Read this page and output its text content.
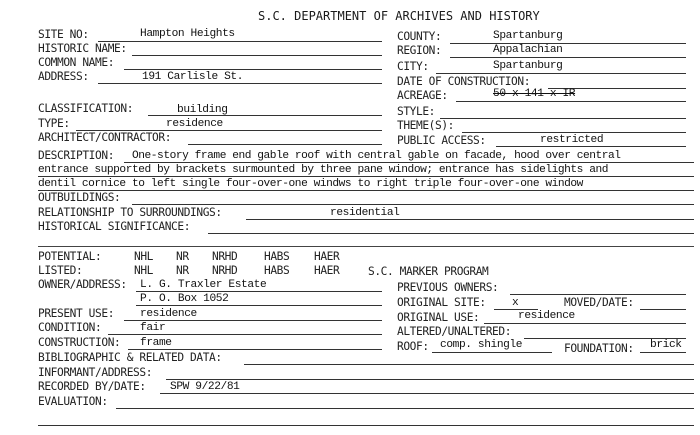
S.C. DEPARTMENT OF ARCHIVES AND HISTORY
SITE NO:	Hampton Heights
HISTORIC NAME:
COMMON NAME:
ADDRESS:	191 Carlisle St.
COUNTY:	Spartanburg
REGION:	Appalachian
CITY:	Spartanburg
DATE OF CONSTRUCTION:
ACREAGE:	50 x 141 x IR
CLASSIFICATION:	building
TYPE:	residence
ARCHITECT/CONTRACTOR:
STYLE:
THEME(S):
PUBLIC ACCESS:	restricted
DESCRIPTION: One-story frame end gable roof with central gable on facade, hood over central
entrance supported by brackets surmounted by three pane window; entrance has sidelights and
dentil cornice to left single four-over-one windws to right triple four-over-one window
OUTBUILDINGS:
RELATIONSHIP TO SURROUNDINGS:	residential
HISTORICAL SIGNIFICANCE:
POTENTIAL:	NHL NR NRHD HABS HAER
LISTED:	NHL NR NRHD HABS HAER	S.C. MARKER PROGRAM
OWNER/ADDRESS: L. G. Traxler Estate
P. O. Box 1052
PREVIOUS OWNERS:
ORIGINAL SITE: x	MOVED/DATE:
PRESENT USE: residence	ORIGINAL USE:	residence
CONDITION:	fair	ALTERED/UNALTERED:
CONSTRUCTION: frame	ROOF: comp. shingle	FOUNDATION: brick
BIBLIOGRAPHIC & RELATED DATA:
INFORMANT/ADDRESS:
RECORDED BY/DATE: SPW 9/22/81
EVALUATION:
